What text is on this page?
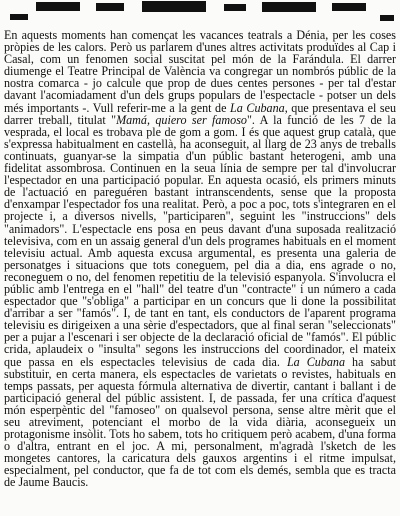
En aquests moments han començat les vacances teatrals a Dénia, per les coses pròpies de les calors. Però us parlarem d'unes altres activitats produïdes al Cap i Casal, com un fenomen social suscitat pel món de la Farándula. El darrer diumenge el Teatre Principal de València va congregar un nombrós públic de la nostra comarca - jo calcule que prop de dues centes persones - per tal d'estar davant l'acomiadament d'un dels grups populars de l'espectacle - potser un dels més importants -. Vull referir-me a la gent de La Cubana, que presentava el seu darrer treball, titulat "Mamá, quiero ser famoso". A la funció de les 7 de la vesprada, el local es trobava ple de gom a gom. I és que aquest grup català, que s'expressa habitualment en castellà, ha aconseguit, al llarg de 23 anys de treballs continuats, guanyar-se la simpatia d'un públic bastant heterogeni, amb una fidelitat assombrosa. Continuen en la seua línia de sempre per tal d'involucrar l'espectador en una participació popular. En aquesta ocasió, els primers minuts de l'actuació en pareguéren bastant intranscendents, sense que la proposta d'enxampar l'espectador fos una realitat. Però, a poc a poc, tots s'integraren en el projecte i, a diversos nivells, "participaren", seguint les "instruccions" dels "animadors". L'espectacle ens posa en peus davant d'una suposada realització televisiva, com en un assaig general d'un dels programes habituals en el moment televisiu actual. Amb aquesta excusa argumental, es presenta una galeria de personatges i situacions que tots coneguem, pel dia a dia, ens agrade o no, reconeguem o no, del fenomen repetitiu de la televisió espanyola. S'involucra el públic amb l'entrega en el "hall" del teatre d'un "contracte" i un número a cada espectador que "s'obliga" a participar en un concurs que li done la possibilitat d'arribar a ser "famós". I, de tant en tant, els conductors de l'aparent programa televisiu es dirigeixen a una sèrie d'espectadors, que al final seran "seleccionats" per a pujar a l'escenari i ser objecte de la declaració oficial de "famós". El públic crida, aplaudeix o "insulta" segons les instruccions del coordinador, el mateix que passa en els espectacles televisius de cada dia. La Cubana ha sabut substituir, en certa manera, els espectacles de varietats o revistes, habituals en temps passats, per aquesta fórmula alternativa de divertir, cantant i ballant i de participació general del públic assistent. I, de passada, fer una crítica d'aquest món esperpèntic del "famoseo" on qualsevol persona, sense altre mèrit que el seu atreviment, potenciant el morbo de la vida diària, aconsegueix un protagonisme insòlit. Tots ho sabem, tots ho critiquem però acabem, d'una forma o d'altra, entrant en el joc. A mi, personalment, m'agradà l'sketch de les mongetes cantores, la caricatura dels gauxos argentins i el ritme impulsat, especialment, pel conductor, que fa de tot com els demés, sembla que es tracta de Jaume Baucis.
